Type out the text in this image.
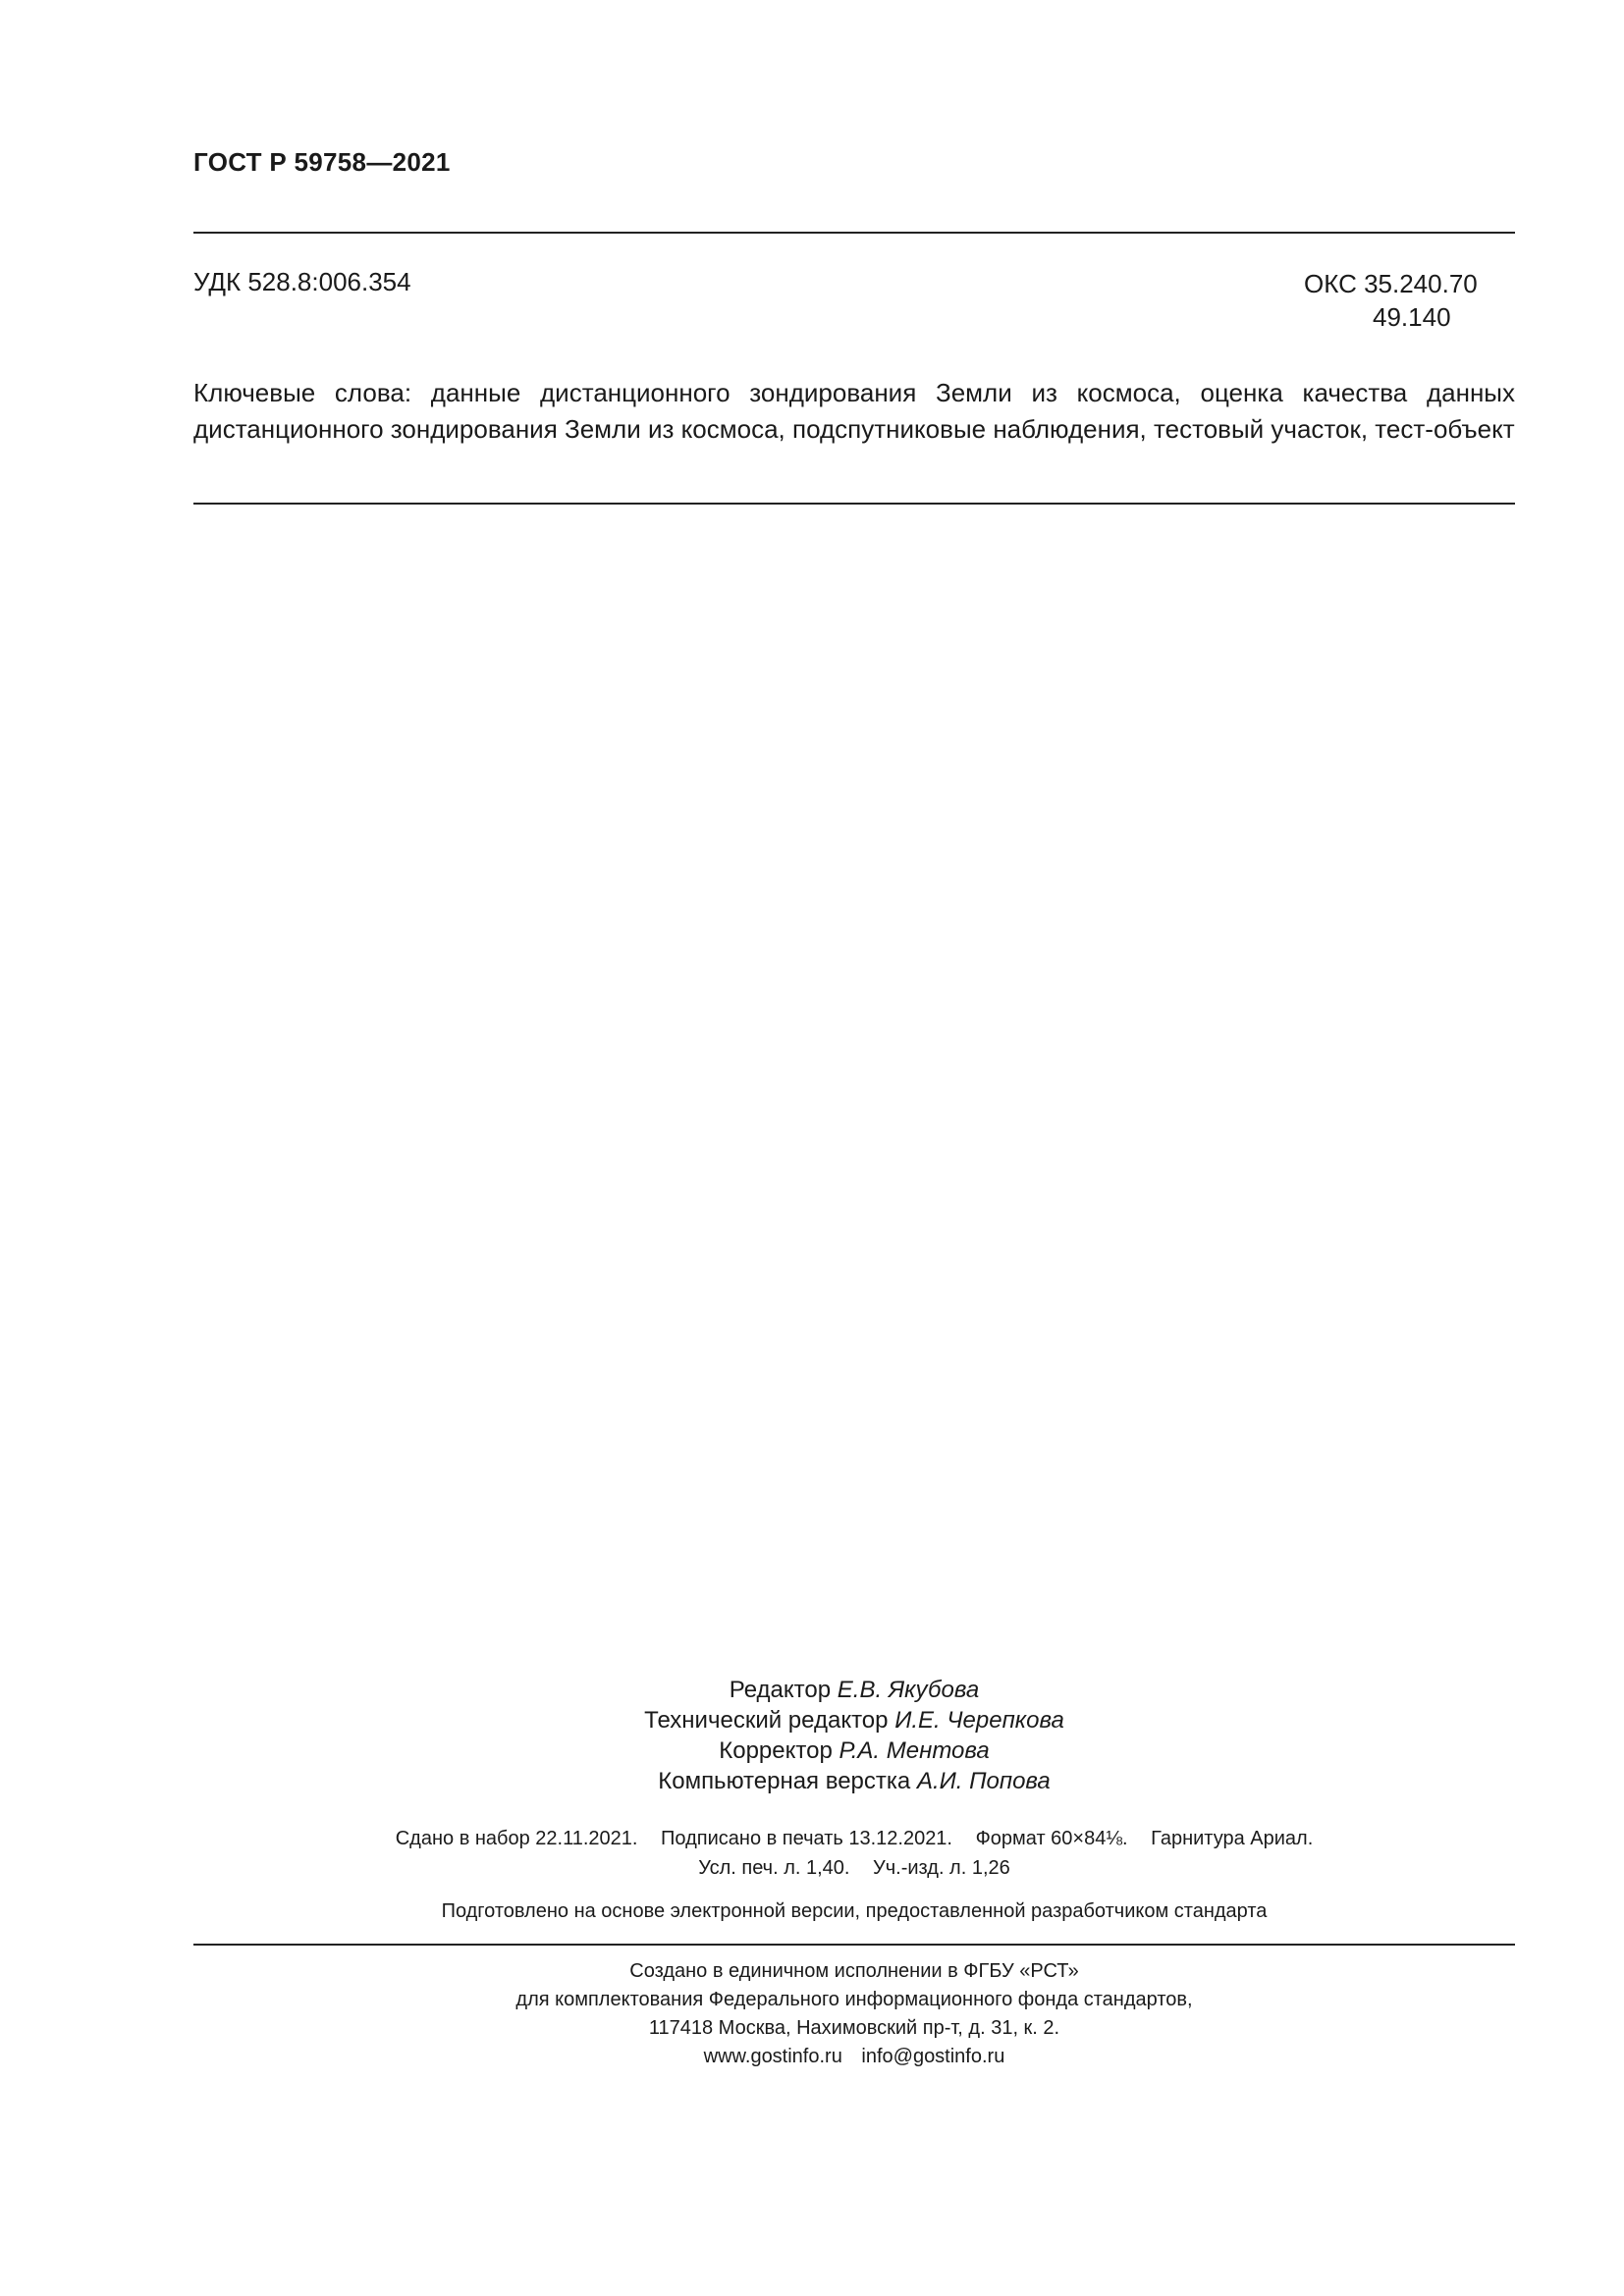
ГОСТ Р 59758—2021
УДК 528.8:006.354	ОКС 35.240.70
49.140
Ключевые слова: данные дистанционного зондирования Земли из космоса, оценка качества данных дистанционного зондирования Земли из космоса, подспутниковые наблюдения, тестовый участок, тест-объект
Редактор Е.В. Якубова
Технический редактор И.Е. Черепкова
Корректор Р.А. Ментова
Компьютерная верстка А.И. Попова
Сдано в набор 22.11.2021. Подписано в печать 13.12.2021. Формат 60×84⅛. Гарнитура Ариал.
Усл. печ. л. 1,40. Уч.-изд. л. 1,26
Подготовлено на основе электронной версии, предоставленной разработчиком стандарта
Создано в единичном исполнении в ФГБУ «РСТ»
для комплектования Федерального информационного фонда стандартов,
117418 Москва, Нахимовский пр-т, д. 31, к. 2.
www.gostinfo.ru info@gostinfo.ru
